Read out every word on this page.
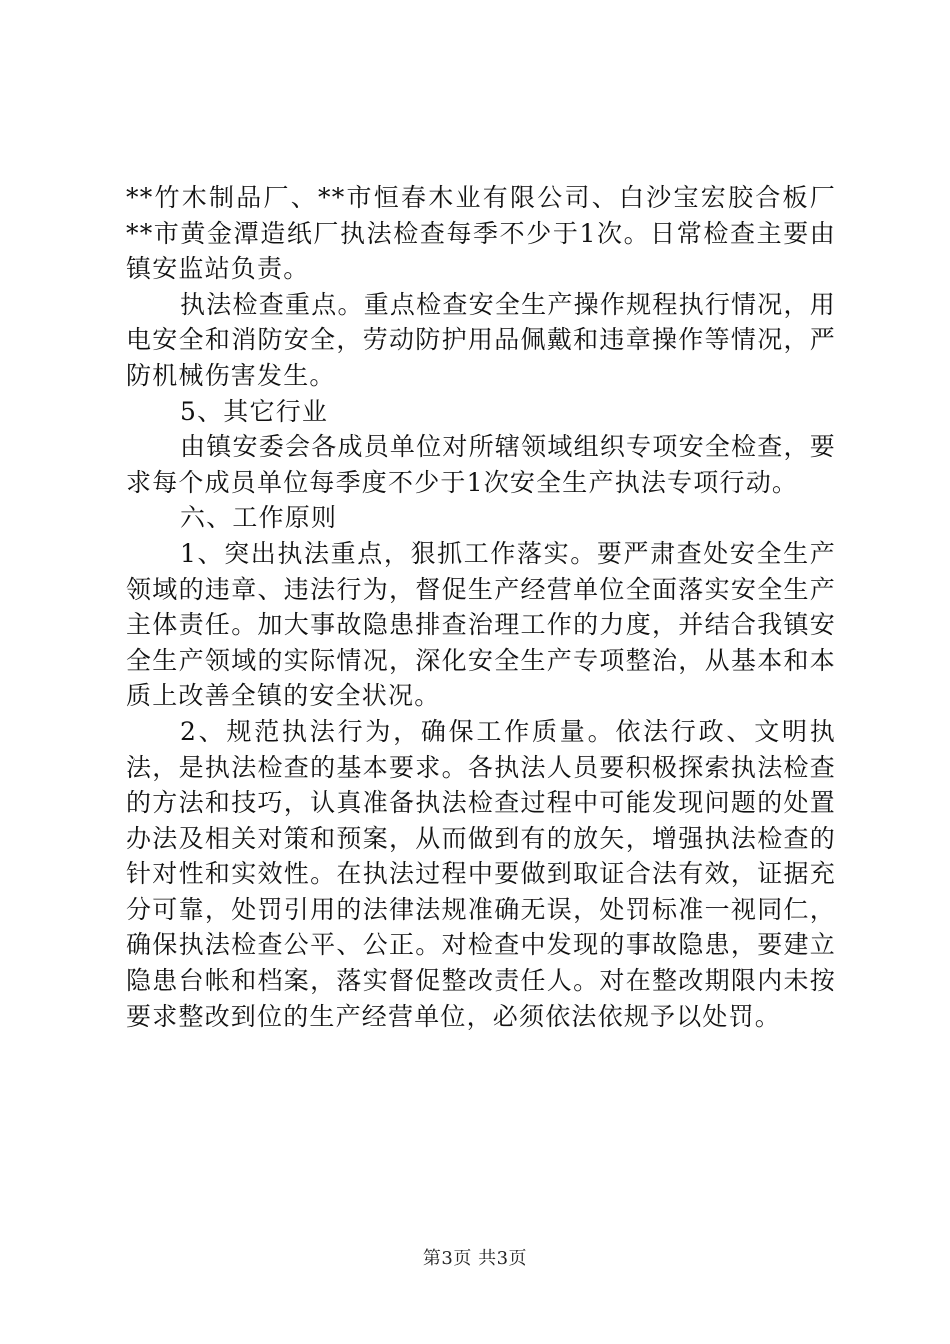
**竹木制品厂、**市恒春木业有限公司、白沙宝宏胶合板厂**市黄金潭造纸厂执法检查每季不少于1次。日常检查主要由镇安监站负责。

执法检查重点。重点检查安全生产操作规程执行情况，用电安全和消防安全，劳动防护用品佩戴和违章操作等情况，严防机械伤害发生。

5、其它行业

由镇安委会各成员单位对所辖领域组织专项安全检查，要求每个成员单位每季度不少于1次安全生产执法专项行动。

六、工作原则

1、突出执法重点，狠抓工作落实。要严肃查处安全生产领域的违章、违法行为，督促生产经营单位全面落实安全生产主体责任。加大事故隐患排查治理工作的力度，并结合我镇安全生产领域的实际情况，深化安全生产专项整治，从基本和本质上改善全镇的安全状况。

2、规范执法行为，确保工作质量。依法行政、文明执法，是执法检查的基本要求。各执法人员要积极探索执法检查的方法和技巧，认真准备执法检查过程中可能发现问题的处置办法及相关对策和预案，从而做到有的放矢，增强执法检查的针对性和实效性。在执法过程中要做到取证合法有效，证据充分可靠，处罚引用的法律法规准确无误，处罚标准一视同仁，确保执法检查公平、公正。对检查中发现的事故隐患，要建立隐患台帐和档案，落实督促整改责任人。对在整改期限内未按要求整改到位的生产经营单位，必须依法依规予以处罚。

第3页 共3页
